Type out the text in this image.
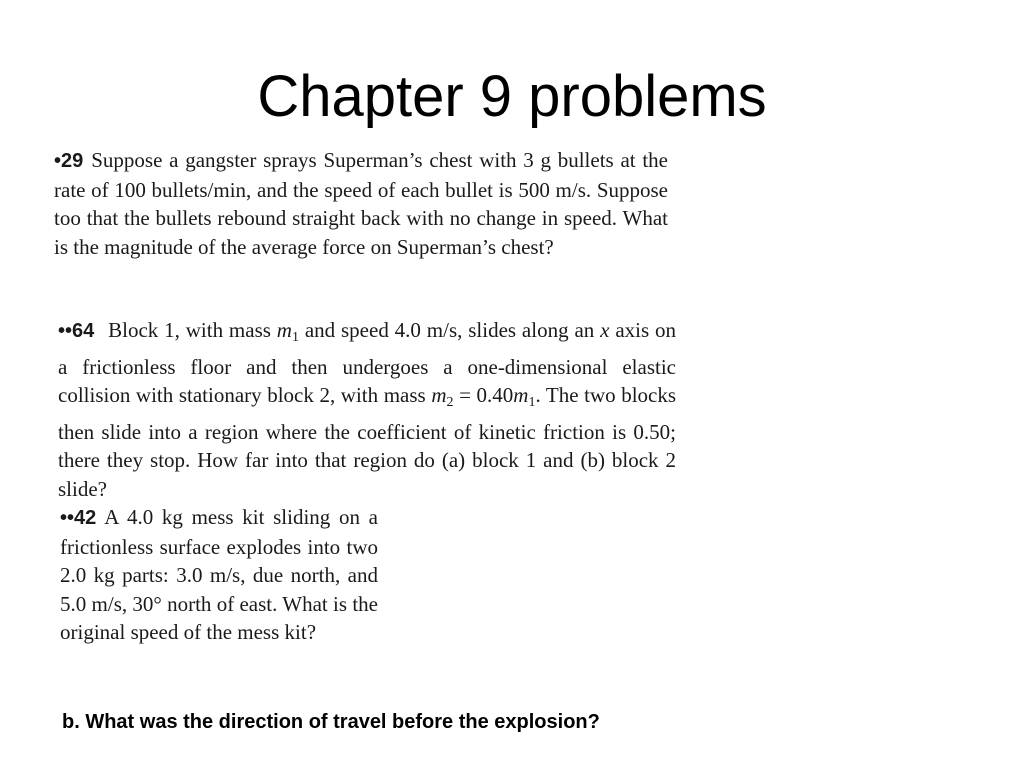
Chapter 9 problems
•29 Suppose a gangster sprays Superman’s chest with 3 g bullets at the rate of 100 bullets/min, and the speed of each bullet is 500 m/s. Suppose too that the bullets rebound straight back with no change in speed. What is the magnitude of the average force on Superman’s chest?
••64 Block 1, with mass $m_1$ and speed 4.0 m/s, slides along an x axis on a frictionless floor and then undergoes a one-dimensional elastic collision with stationary block 2, with mass $m_2 = 0.40m_1$. The two blocks then slide into a region where the coefficient of kinetic friction is 0.50; there they stop. How far into that region do (a) block 1 and (b) block 2 slide?
••42 A 4.0 kg mess kit sliding on a frictionless surface explodes into two 2.0 kg parts: 3.0 m/s, due north, and 5.0 m/s, 30° north of east. What is the original speed of the mess kit?

b. What was the direction of travel before the explosion?
